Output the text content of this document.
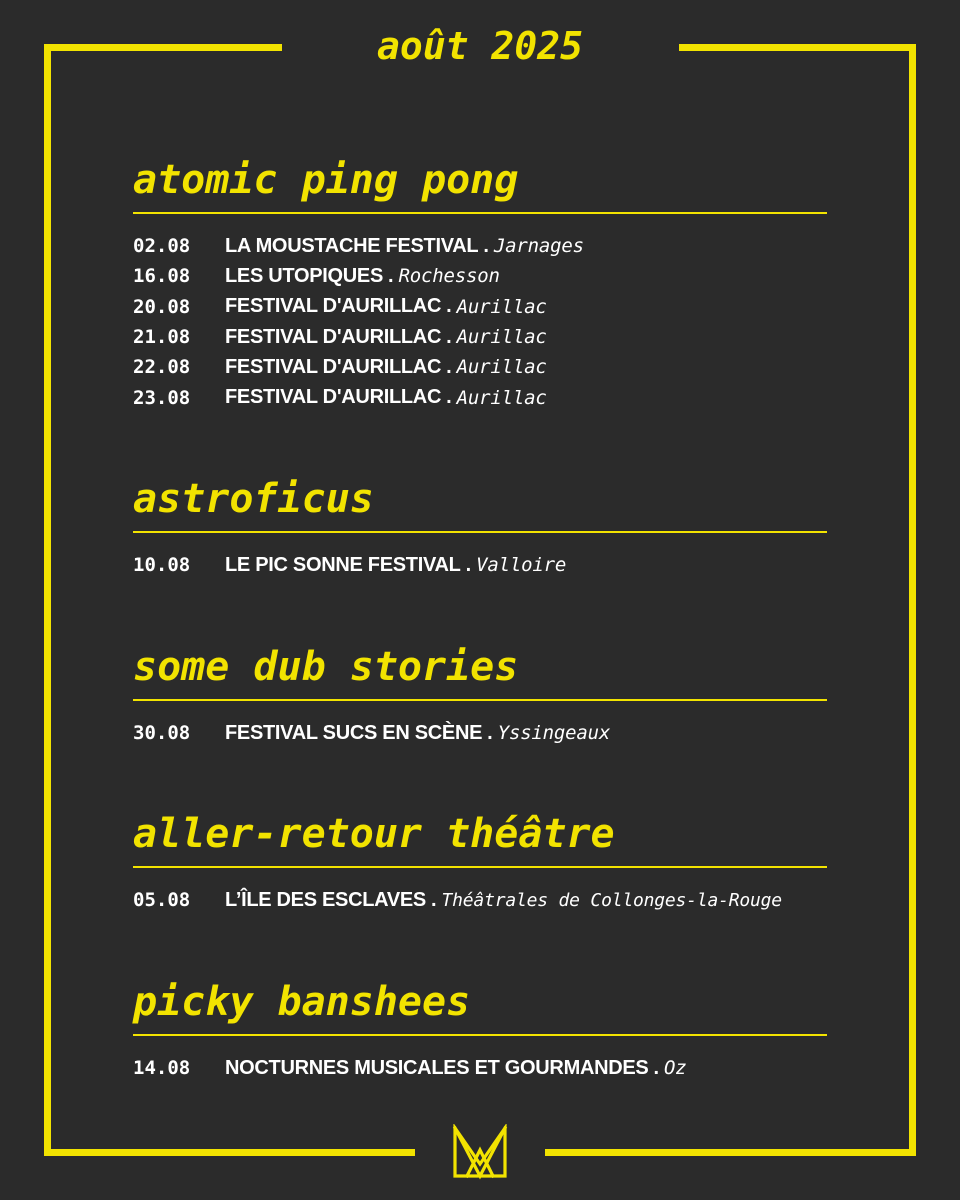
août 2025
atomic ping pong
02.08	LA MOUSTACHE FESTIVAL . Jarnages
16.08	LES UTOPIQUES . Rochesson
20.08	FESTIVAL D'AURILLAC . Aurillac
21.08	FESTIVAL D'AURILLAC . Aurillac
22.08	FESTIVAL D'AURILLAC . Aurillac
23.08	FESTIVAL D'AURILLAC . Aurillac
astroficus
10.08	LE PIC SONNE FESTIVAL . Valloire
some dub stories
30.08	FESTIVAL SUCS EN SCÈNE . Yssingeaux
aller-retour théâtre
05.08	L’ÎLE DES ESCLAVES . Théâtrales de Collonges-la-Rouge
picky banshees
14.08	NOCTURNES MUSICALES ET GOURMANDES . Oz
